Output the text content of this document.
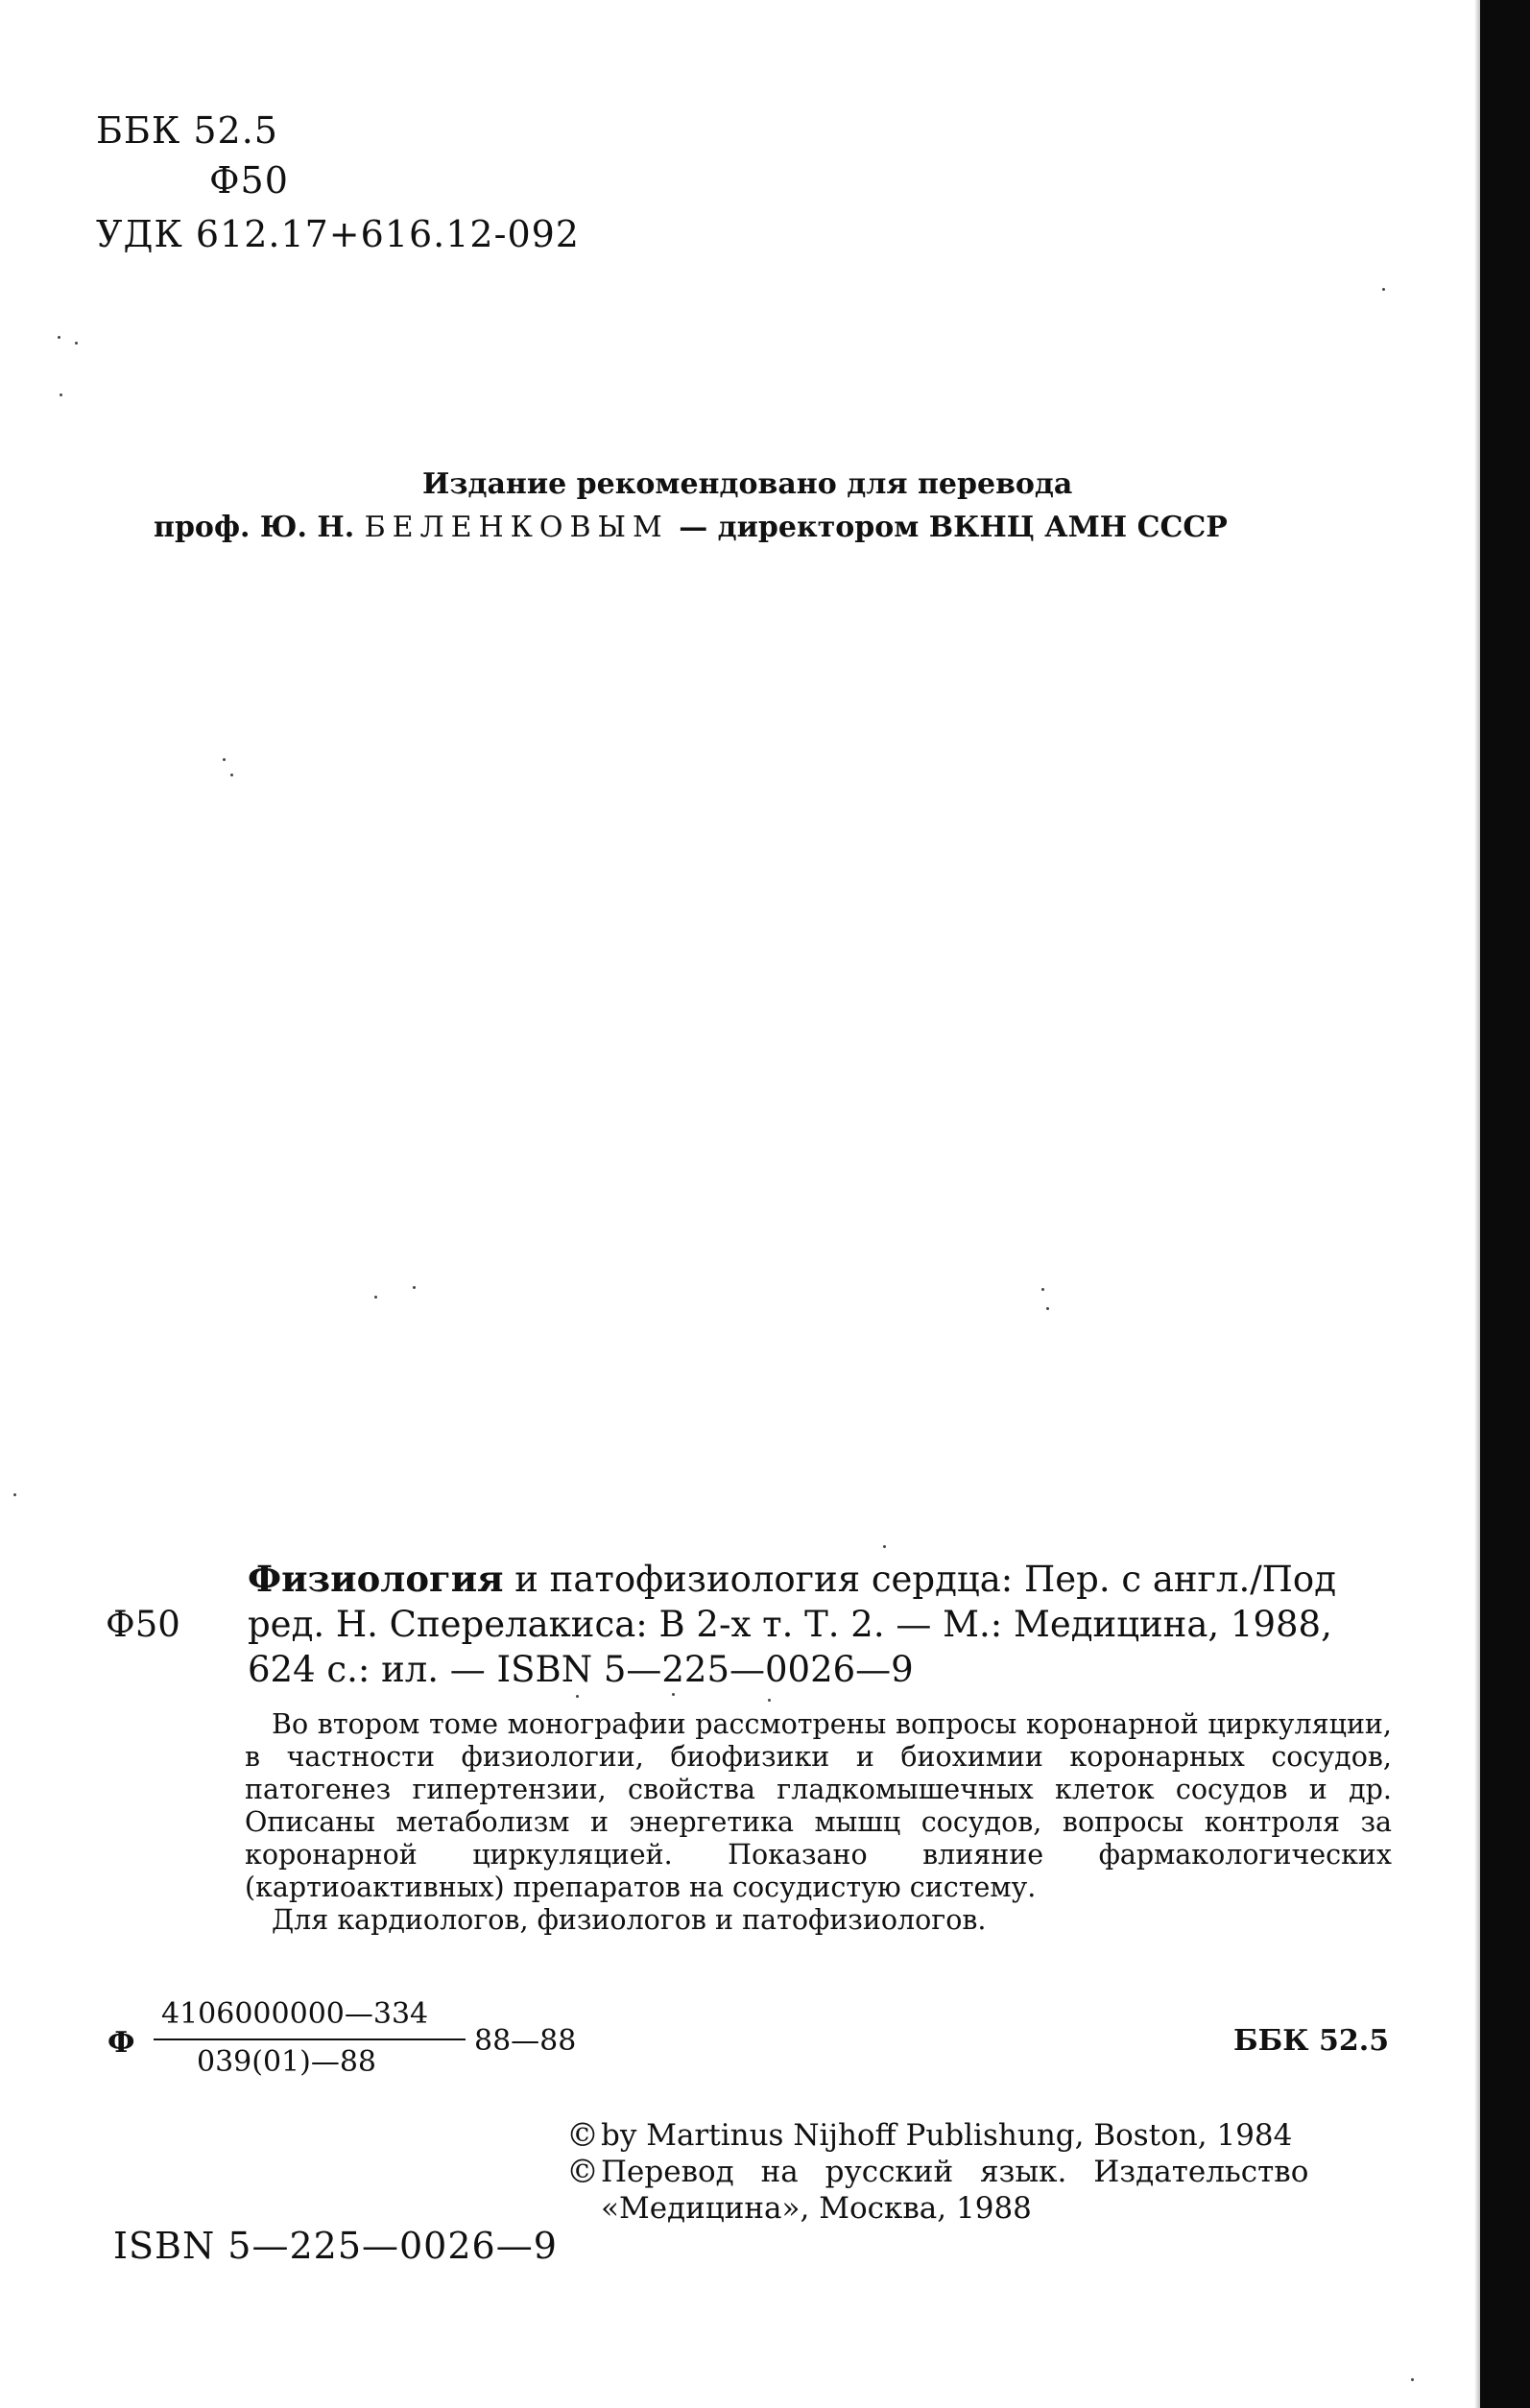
ББК 52.5
Ф50
УДК 612.17+616.12-092
Издание рекомендовано для перевода
проф. Ю. Н. БЕЛЕНКОВЫМ — директором ВКНЦ АМН СССР
Физиология и патофизиология сердца: Пер. с англ./Под
Ф50 ред. Н. Сперелакиса: В 2-х т. Т. 2. — М.: Медицина, 1988,
624 с.: ил. — ISBN 5—225—0026—9

Во втором томе монографии рассмотрены вопросы коронарной циркуляции, в частности физиологии, биофизики и биохимии коронарных сосудов, патогенез гипертензии, свойства гладкомышечных клеток сосудов и др. Описаны метаболизм и энергетика мышц сосудов, вопросы контроля за коронарной циркуляцией. Показано влияние фармакологических (картиоактивных) препаратов на сосудистую систему.

Для кардиологов, физиологов и патофизиологов.

Ф
4106000000—334
039(01)—88
88—88	ББК 52.5
© by Martinus Nijhoff Publishung, Boston, 1984
© Перевод на русский язык. Издательство
«Медицина», Москва, 1988
ISBN 5—225—0026—9
